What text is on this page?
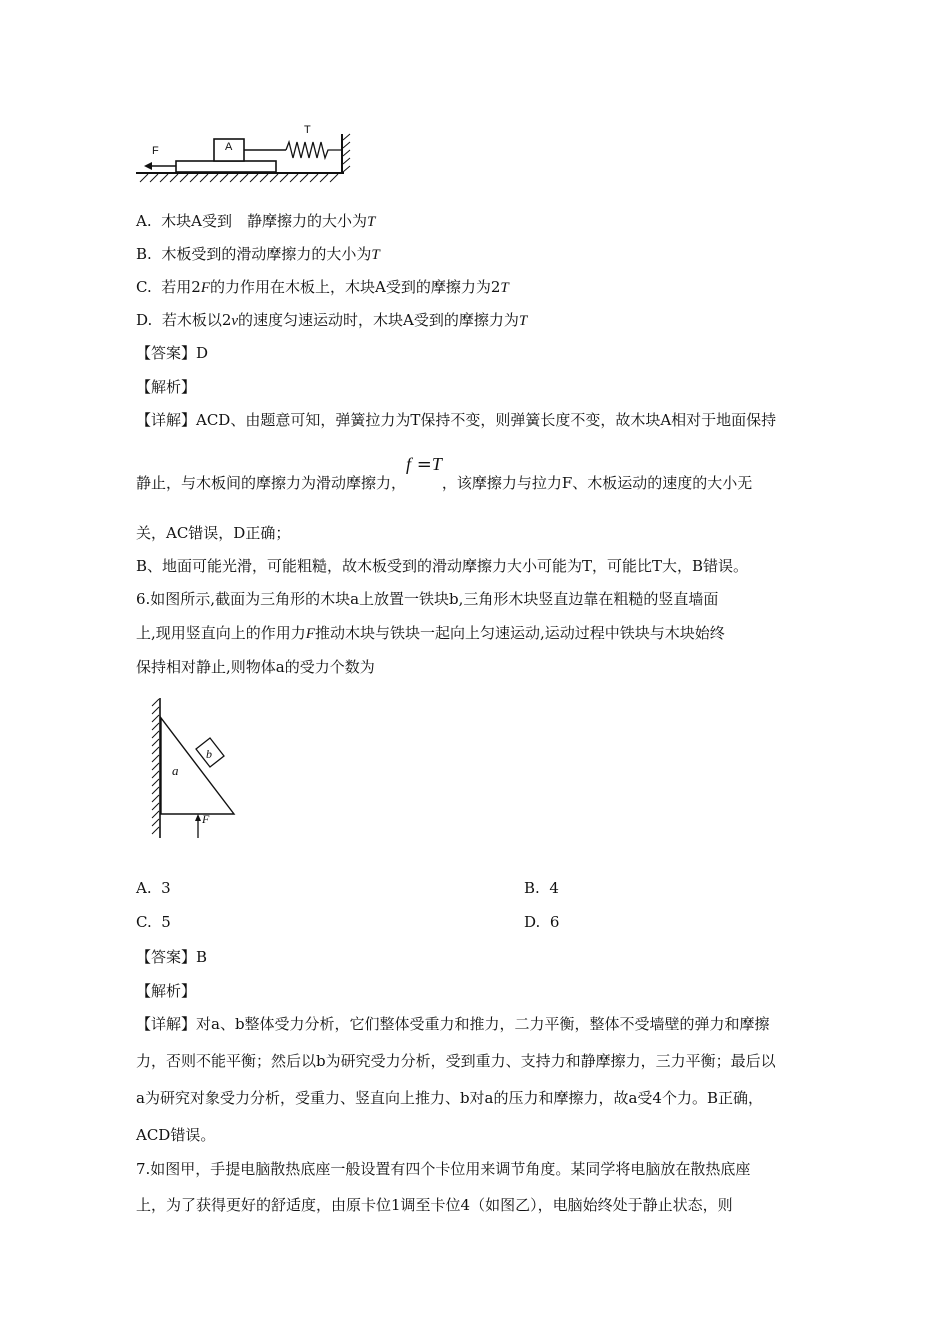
F	A
T
A. 木块A受到　静摩擦力的大小为T
B. 木板受到的滑动摩擦力的大小为T
C. 若用2F的力作用在木板上，木块A受到的摩擦力为2T
D. 若木板以2v的速度匀速运动时，木块A受到的摩擦力为T
【答案】D
【解析】
【详解】ACD、由题意可知，弹簧拉力为T保持不变，则弹簧长度不变，故木块A相对于地面保持
静止，与木板间的摩擦力为滑动摩擦力，f =T，该摩擦力与拉力F、木板运动的速度的大小无
关，AC错误，D正确；
B、地面可能光滑，可能粗糙，故木板受到的滑动摩擦力大小可能为T，可能比T大，B错误。
6.如图所示,截面为三角形的木块a上放置一铁块b,三角形木块竖直边靠在粗糙的竖直墙面
上,现用竖直向上的作用力F推动木块与铁块一起向上匀速运动,运动过程中铁块与木块始终
保持相对静止,则物体a的受力个数为
a
b
F
A. 3	B. 4
C. 5	D. 6
【答案】B
【解析】
【详解】对a、b整体受力分析，它们整体受重力和推力，二力平衡，整体不受墙壁的弹力和摩擦
力，否则不能平衡；然后以b为研究受力分析，受到重力、支持力和静摩擦力，三力平衡；最后以
a为研究对象受力分析，受重力、竖直向上推力、b对a的压力和摩擦力，故a受4个力。B正确，
ACD错误。
7.如图甲，手提电脑散热底座一般设置有四个卡位用来调节角度。某同学将电脑放在散热底座
上，为了获得更好的舒适度，由原卡位1调至卡位4（如图乙），电脑始终处于静止状态，则
